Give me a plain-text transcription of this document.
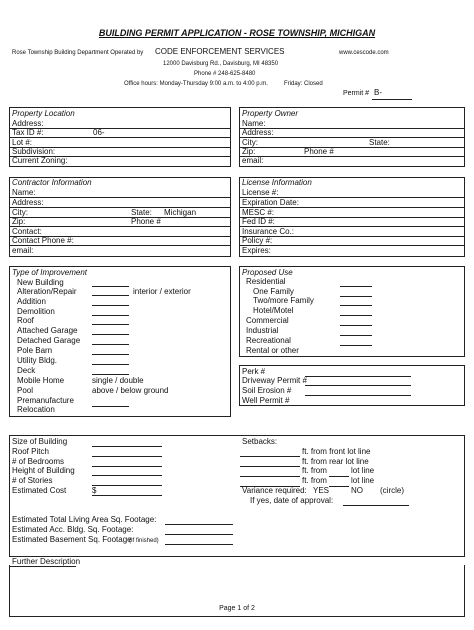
BUILDING PERMIT APPLICATION - ROSE TOWNSHIP, MICHIGAN
Rose Township Building Department Operated by CODE ENFORCEMENT SERVICES	www.cescode.com
12000 Davisburg Rd., Davisburg, MI 48350
Phone # 248-625-8480
Office hours: Monday-Thursday 9:00 a.m. to 4:00 p.m.	Friday: Closed
Permit # B-
Property Location
Address:
Tax ID #:	06-
Lot #:
Subdivision:
Current Zoning:
Property Owner
Name:
Address:
City:	State:
Zip:	Phone #
email:
Contractor Information
Name:
Address:
City:	State: Michigan
Zip:	Phone #
Contact:
Contact Phone #:
email:
License Information
License #:
Expiration Date:
MESC #:
Fed ID #:
Insurance Co.:
Policy #:
Expires:
Type of Improvement
New Building
Alteration/Repair	interior / exterior
Addition
Demolition
Roof
Attached Garage
Detached Garage
Pole Barn
Utility Bldg.
Deck
Mobile Home	single / double
Pool	above / below ground
Premanufacture
Relocation
Proposed Use
Residential
One Family
Two/more Family
Hotel/Motel
Commercial
Industrial
Recreational
Rental or other
Perk #
Driveway Permit #
Soil Erosion #
Well Permit #
Size of Building
Roof Pitch
# of Bedrooms
Height of Building
# of Stories
Estimated Cost	$
Setbacks:
ft. from front lot line
ft. from rear lot line
ft. from	lot line
ft. from	lot line
Variance required: YES	NO (circle)
If yes, date of approval:
Estimated Total Living Area Sq. Footage:
Estimated Acc. Bldg. Sq. Footage:
Estimated Basement Sq. Footage
(If finished)
Further Description
Page 1 of 2
